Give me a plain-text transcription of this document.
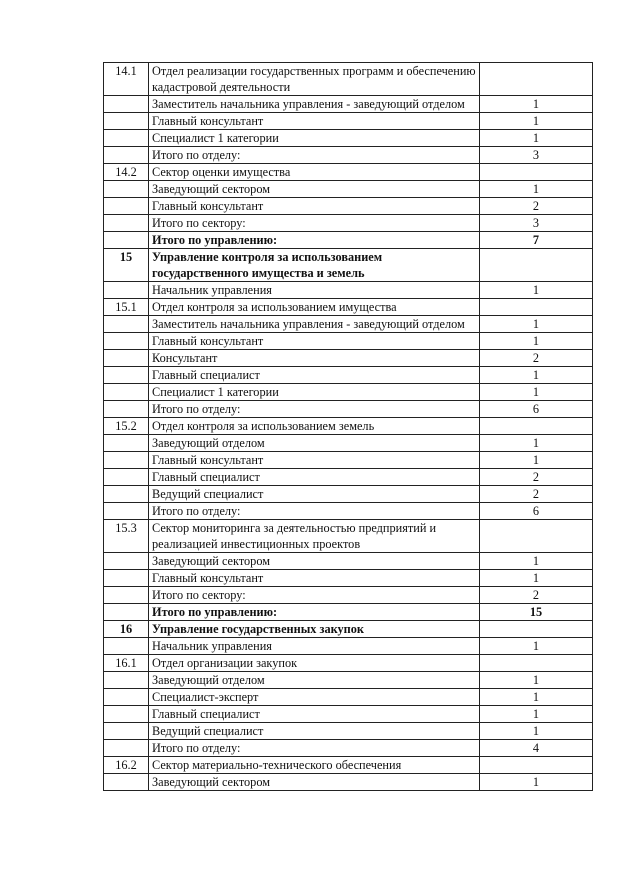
14.1	Отдел реализации государственных программ и обеспечению кадастровой деятельности	
	Заместитель начальника управления - заведующий отделом	1
	Главный консультант	1
	Специалист 1 категории	1
	Итого по отделу:	3
14.2	Сектор оценки имущества	
	Заведующий сектором	1
	Главный консультант	2
	Итого по сектору:	3
	Итого по управлению:	7
15	Управление контроля за использованием государственного имущества и земель	
	Начальник управления	1
15.1	Отдел контроля за использованием имущества	
	Заместитель начальника управления - заведующий отделом	1
	Главный консультант	1
	Консультант	2
	Главный специалист	1
	Специалист 1 категории	1
	Итого по отделу:	6
15.2	Отдел контроля за использованием земель	
	Заведующий отделом	1
	Главный консультант	1
	Главный специалист	2
	Ведущий специалист	2
	Итого по отделу:	6
15.3	Сектор мониторинга за деятельностью предприятий и реализацией инвестиционных проектов	
	Заведующий сектором	1
	Главный консультант	1
	Итого по сектору:	2
	Итого по управлению:	15
16	Управление государственных закупок	
	Начальник управления	1
16.1	Отдел организации закупок	
	Заведующий отделом	1
	Специалист-эксперт	1
	Главный специалист	1
	Ведущий специалист	1
	Итого по отделу:	4
16.2	Сектор материально-технического обеспечения	
	Заведующий сектором	1
